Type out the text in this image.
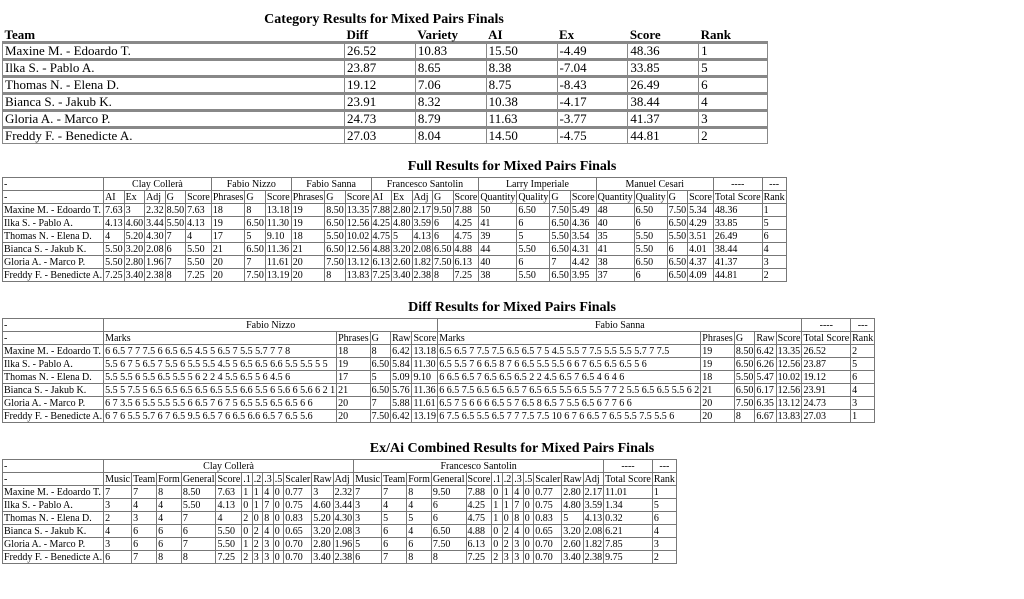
Category Results for Mixed Pairs Finals
Team	Diff	Variety	AI	Ex	Score	Rank
Maxine M. - Edoardo T.	26.52	10.83	15.50	-4.49	48.36	1
Ilka S. - Pablo A.	23.87	8.65	8.38	-7.04	33.85	5
Thomas N. - Elena D.	19.12	7.06	8.75	-8.43	26.49	6
Bianca S. - Jakub K.	23.91	8.32	10.38	-4.17	38.44	4
Gloria A. - Marco P.	24.73	8.79	11.63	-3.77	41.37	3
Freddy F. - Benedicte A.	27.03	8.04	14.50	-4.75	44.81	2
Full Results for Mixed Pairs Finals
-	Clay Collerà					Fabio Nizzo			Fabio Sanna			Francesco Santolin					Larry Imperiale				Manuel Cesari				----	---
-	AI	Ex	Adj	G	Score	Phrases	G	Score	Phrases	G	Score	AI	Ex	Adj	G	Score	Quantity	Quality	G	Score	Quantity	Quality	G	Score	Total Score	Rank
Maxine M. - Edoardo T.	7.63	3	2.32	8.50	7.63	18	8	13.18	19	8.50	13.35	7.88	2.80	2.17	9.50	7.88	50	6.50	7.50	5.49	48	6.50	7.50	5.34	48.36	1
Ilka S. - Pablo A.	4.13	4.60	3.44	5.50	4.13	19	6.50	11.30	19	6.50	12.56	4.25	4.80	3.59	6	4.25	41	6	6.50	4.36	40	6	6.50	4.29	33.85	5
Thomas N. - Elena D.	4	5.20	4.30	7	4	17	5	9.10	18	5.50	10.02	4.75	5	4.13	6	4.75	39	5	5.50	3.54	35	5.50	5.50	3.51	26.49	6
Bianca S. - Jakub K.	5.50	3.20	2.08	6	5.50	21	6.50	11.36	21	6.50	12.56	4.88	3.20	2.08	6.50	4.88	44	5.50	6.50	4.31	41	5.50	6	4.01	38.44	4
Gloria A. - Marco P.	5.50	2.80	1.96	7	5.50	20	7	11.61	20	7.50	13.12	6.13	2.60	1.82	7.50	6.13	40	6	7	4.42	38	6.50	6.50	4.37	41.37	3
Freddy F. - Benedicte A.	7.25	3.40	2.38	8	7.25	20	7.50	13.19	20	8	13.83	7.25	3.40	2.38	8	7.25	38	5.50	6.50	3.95	37	6	6.50	4.09	44.81	2
Diff Results for Mixed Pairs Finals
-	Fabio Nizzo					Fabio Sanna					----	---
-	Marks	Phrases	G	Raw	Score	Marks	Phrases	G	Raw	Score	Total Score	Rank
Maxine M. - Edoardo T.	6 6.5 7 7 7.5 6 6.5 6.5 4.5 5 6.5 7 5.5 5.7 7 7 8	18	8	6.42	13.18	6.5 6.5 7 7.5 7.5 6.5 6.5 7 5 4.5 5.5 7 7.5 5.5 5.5 5.7 7 7.5	19	8.50	6.42	13.35	26.52	2
Ilka S. - Pablo A.	5.5 6 7 5 6.5 7 5.5 6 5.5 5.5 4.5 5 6.5 6.5 6.6 5.5 5.5 5 5	19	6.50	5.84	11.30	6.5 5.5 7 6 6.5 8 7 6 6.5 5.5 5.5 6 6 7 6.5 6.5 6.5 5 6	19	6.50	6.26	12.56	23.87	5
Thomas N. - Elena D.	5.5 5.5 6 5.5 6.5 5.5 5 6 2 2 4 5.5 6.5 5 6 4.5 6	17	5	5.09	9.10	6 6.5 6.5 7 6.5 6.5 6.5 2 2 4.5 6.5 7 6.5 4 6 4 6	18	5.50	5.47	10.02	19.12	6
Bianca S. - Jakub K.	5.5 5 7.5 5 6.5 6.5 6.5 6.5 6.5 5.5 6.6 5.5 6 5.6 6 5.6 6 2 1	21	6.50	5.76	11.36	6 6.5 7.5 6.5 6.5 6.5 7 6.5 6.5 5.5 6.5 5.5 7 7 2 5.5 6.5 6.5 5.5 6 2	21	6.50	6.17	12.56	23.91	4
Gloria A. - Marco P.	6 7 3.5 6 5.5 5.5 5.5 6 6.5 7 6 7 5 6.5 5.5 6.5 6.5 6 6	20	7	5.88	11.61	6.5 7 5 6 6 6 6.5 5 7 6.5 8 6.5 7 5.5 6.5 6 7 7 6 6	20	7.50	6.35	13.12	24.73	3
Freddy F. - Benedicte A.	6 7 6 5.5 5.7 6 7 6.5 9.5 6.5 7 6 6.5 6.6 6.5 7 6.5 5.6	20	7.50	6.42	13.19	6 7.5 6.5 5.5 6.5 7 7 7.5 7.5 10 6 7 6 6.5 7 6.5 5.5 7.5 5.5 6	20	8	6.67	13.83	27.03	1
Ex/Ai Combined Results for Mixed Pairs Finals
-	Clay Collerà												Francesco Santolin												----	---
-	Music	Team	Form	General	Score	.1	.2	.3	.5	Scaler	Raw	Adj	Music	Team	Form	General	Score	.1	.2	.3	.5	Scaler	Raw	Adj	Total Score	Rank
Maxine M. - Edoardo T.	7	7	8	8.50	7.63	1	1	4	0	0.77	3	2.32	7	7	8	9.50	7.88	0	1	4	0	0.77	2.80	2.17	11.01	1
Ilka S. - Pablo A.	3	4	4	5.50	4.13	0	1	7	0	0.75	4.60	3.44	3	4	4	6	4.25	1	1	7	0	0.75	4.80	3.59	1.34	5
Thomas N. - Elena D.	2	3	4	7	4	2	0	8	0	0.83	5.20	4.30	3	5	5	6	4.75	1	0	8	0	0.83	5	4.13	0.32	6
Bianca S. - Jakub K.	4	6	6	6	5.50	0	2	4	0	0.65	3.20	2.08	3	6	4	6.50	4.88	0	2	4	0	0.65	3.20	2.08	6.21	4
Gloria A. - Marco P.	3	6	6	7	5.50	1	2	3	0	0.70	2.80	1.96	5	6	6	7.50	6.13	0	2	3	0	0.70	2.60	1.82	7.85	3
Freddy F. - Benedicte A.	6	7	8	8	7.25	2	3	3	0	0.70	3.40	2.38	6	7	8	8	7.25	2	3	3	0	0.70	3.40	2.38	9.75	2
